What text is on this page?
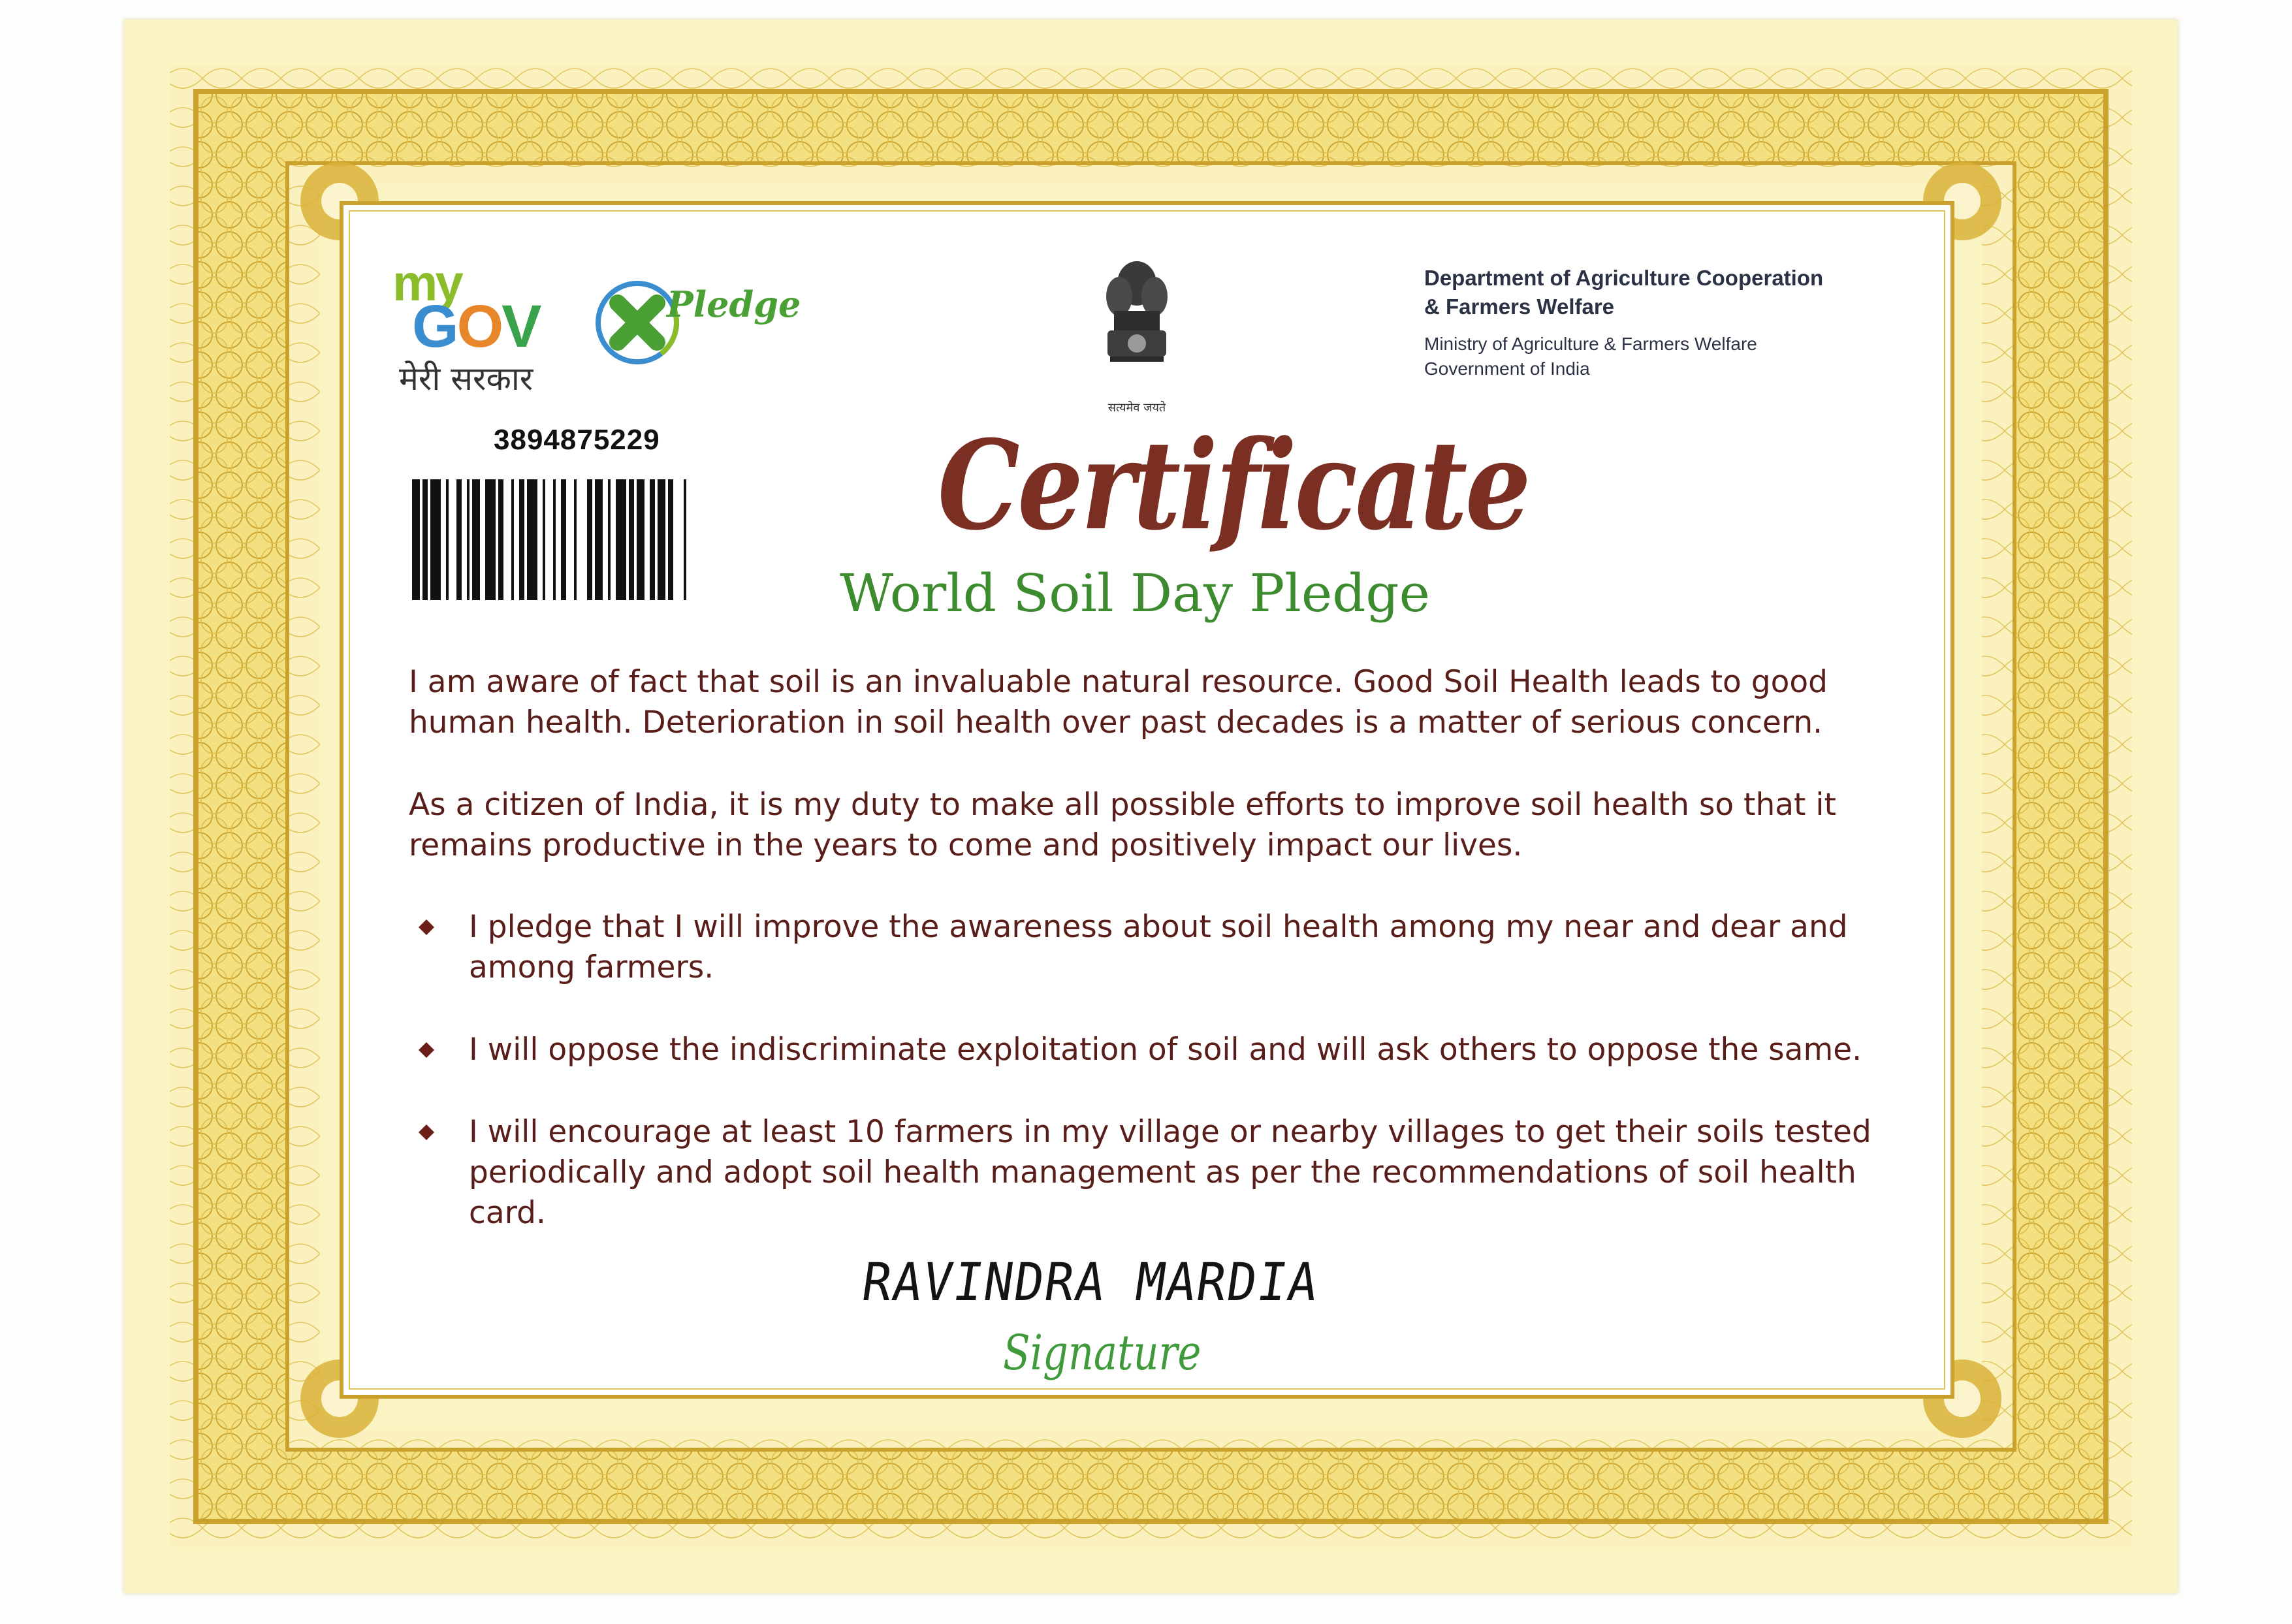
my
GOV
मेरी सरकार
Pledge
सत्यमेव जयते
Department of Agriculture Cooperation
& Farmers Welfare
Ministry of Agriculture & Farmers Welfare
Government of India
3894875229 Certificate
World Soil Day Pledge

I am aware of fact that soil is an invaluable natural resource. Good Soil Health leads to good human health. Deterioration in soil health over past decades is a matter of serious concern.

As a citizen of India, it is my duty to make all possible efforts to improve soil health so that it remains productive in the years to come and positively impact our lives.

I pledge that I will improve the awareness about soil health among my near and dear and among farmers.
I will oppose the indiscriminate exploitation of soil and will ask others to oppose the same.
I will encourage at least 10 farmers in my village or nearby villages to get their soils tested periodically and adopt soil health management as per the recommendations of soil health card.
RAVINDRA MARDIA
Signature
